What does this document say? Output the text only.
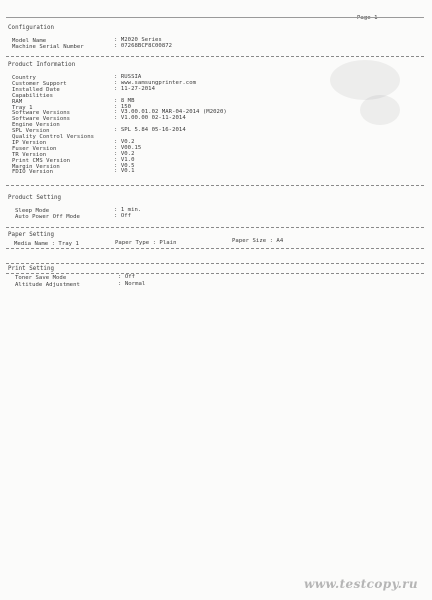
Page 1
Configuration
Model Name	: M2020 Series
Machine Serial Number	: 07268BCF8C00872
Product Information
Country	: RUSSIA
Customer Support	: www.samsungprinter.com
Installed Date	: 11-27-2014
Capabilities
RAM	: 8 MB
Tray 1	: 150
Software Versions	: V3.00.01.02 MAR-04-2014 (M2020)
Software Versions	: V1.00.00 02-11-2014
Engine Version
SPL Version	: SPL 5.84 05-16-2014
Quality Control Versions
IP Version	: V0.2
Fuser Version	: V00.15
TR Version	: V0.2
Print CMS Version	: V1.0
Margin Version	: V0.5
FDIO Version	: V0.1
Product Setting
Sleep Mode	: 1 min.
Auto Power Off Mode	: Off
Paper Setting
Media Name : Tray 1	Paper Type : Plain	Paper Size : A4
Print Setting
Toner Save Mode	: Off
Altitude Adjustment	: Normal
www.testcopy.ru
